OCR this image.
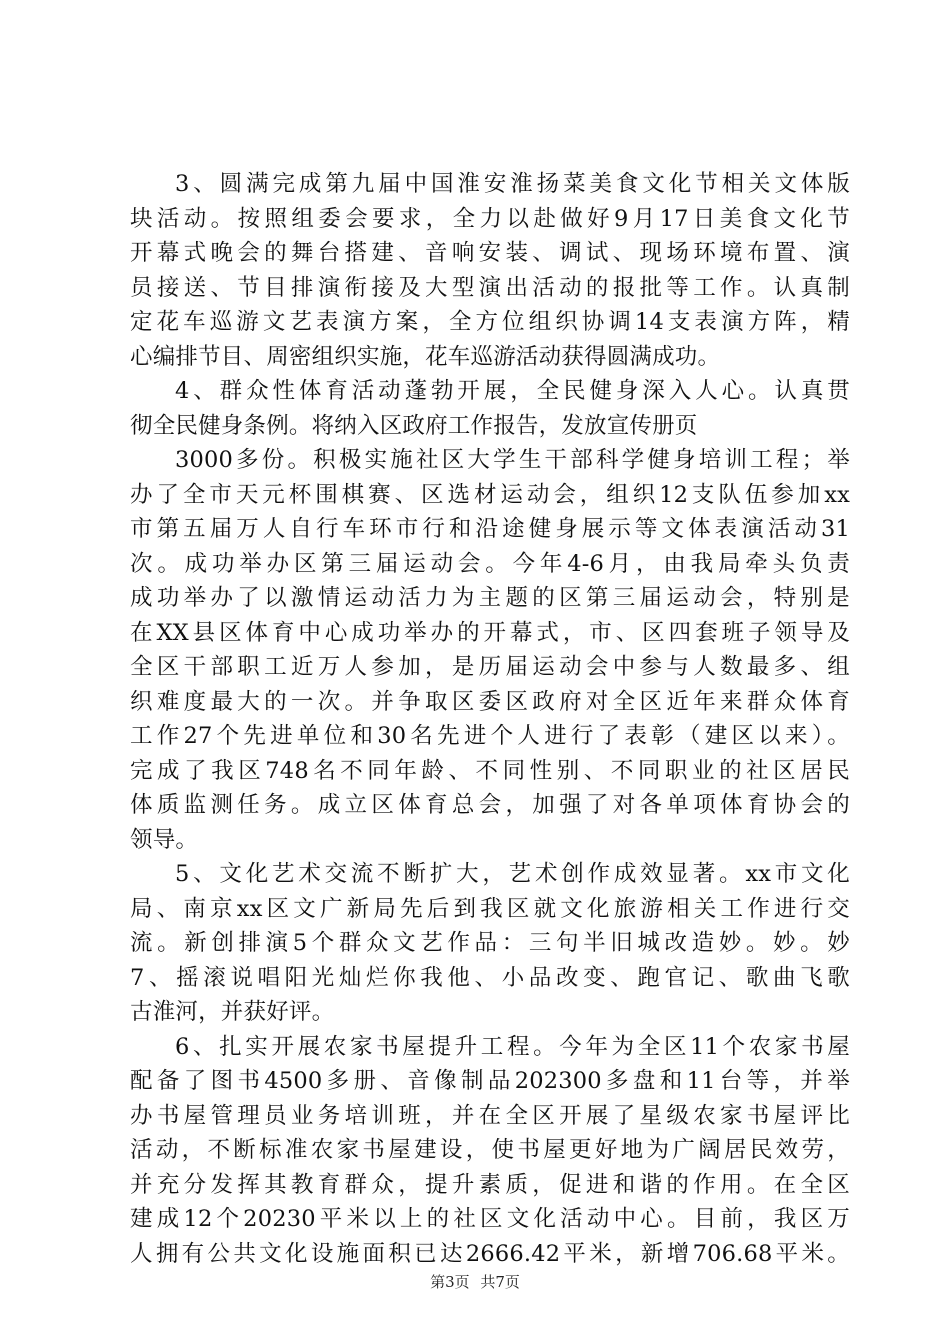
3、圆满完成第九届中国淮安淮扬菜美食文化节相关文体版
块活动。按照组委会要求，全力以赴做好9月17日美食文化节
开幕式晚会的舞台搭建、音响安装、调试、现场环境布置、演
员接送、节目排演衔接及大型演出活动的报批等工作。认真制
定花车巡游文艺表演方案，全方位组织协调14支表演方阵，精
心编排节目、周密组织实施，花车巡游活动获得圆满成功。
4、群众性体育活动蓬勃开展，全民健身深入人心。认真贯
彻全民健身条例。将纳入区政府工作报告，发放宣传册页
3000多份。积极实施社区大学生干部科学健身培训工程；举
办了全市天元杯围棋赛、区选材运动会，组织12支队伍参加xx
市第五届万人自行车环市行和沿途健身展示等文体表演活动31
次。成功举办区第三届运动会。今年4-6月，由我局牵头负责
成功举办了以激情运动活力为主题的区第三届运动会，特别是
在XX县区体育中心成功举办的开幕式，市、区四套班子领导及
全区干部职工近万人参加，是历届运动会中参与人数最多、组
织难度最大的一次。并争取区委区政府对全区近年来群众体育
工作27个先进单位和30名先进个人进行了表彰（建区以来）。
完成了我区748名不同年龄、不同性别、不同职业的社区居民
体质监测任务。成立区体育总会，加强了对各单项体育协会的
领导。
5、文化艺术交流不断扩大，艺术创作成效显著。xx市文化
局、南京xx区文广新局先后到我区就文化旅游相关工作进行交
流。新创排演5个群众文艺作品：三句半旧城改造妙。妙。妙
7、摇滚说唱阳光灿烂你我他、小品改变、跑官记、歌曲飞歌
古淮河，并获好评。
6、扎实开展农家书屋提升工程。今年为全区11个农家书屋
配备了图书4500多册、音像制品202300多盘和11台等，并举
办书屋管理员业务培训班，并在全区开展了星级农家书屋评比
活动，不断标准农家书屋建设，使书屋更好地为广阔居民效劳，
并充分发挥其教育群众，提升素质，促进和谐的作用。在全区
建成12个20230平米以上的社区文化活动中心。目前，我区万
人拥有公共文化设施面积已达2666.42平米，新增706.68平米。
第3页 共7页
